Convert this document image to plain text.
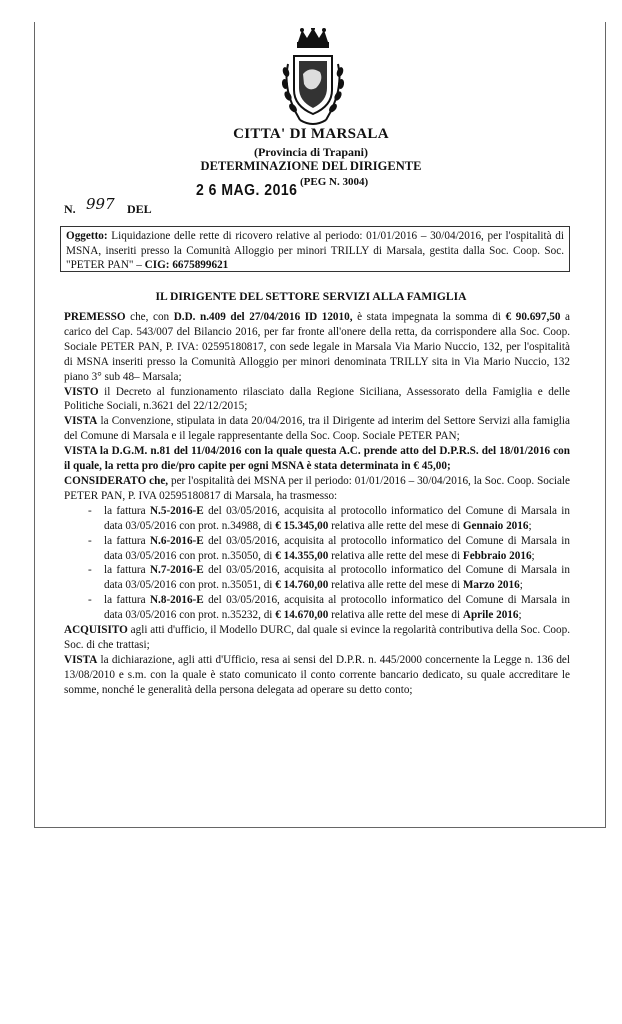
CITTA' DI MARSALA
(Provincia di Trapani)
DETERMINAZIONE DEL DIRIGENTE
(PEG N. 3004)
2 6 MAG. 2016
N. 997 DEL
Oggetto: Liquidazione delle rette di ricovero relative al periodo: 01/01/2016 – 30/04/2016, per l'ospitalità di MSNA, inseriti presso la Comunità Alloggio per minori TRILLY di Marsala, gestita dalla Soc. Coop. Soc. "PETER PAN" – CIG: 6675899621
IL DIRIGENTE DEL SETTORE SERVIZI ALLA FAMIGLIA

PREMESSO che, con D.D. n.409 del 27/04/2016 ID 12010, è stata impegnata la somma di € 90.697,50 a carico del Cap. 543/007 del Bilancio 2016, per far fronte all'onere della retta, da corrispondere alla Soc. Coop. Sociale PETER PAN, P. IVA: 02595180817, con sede legale in Marsala Via Mario Nuccio, 132, per l'ospitalità di MSNA inseriti presso la Comunità Alloggio per minori denominata TRILLY sita in Via Mario Nuccio, 132 piano 3° sub 48– Marsala;

VISTO il Decreto al funzionamento rilasciato dalla Regione Siciliana, Assessorato della Famiglia e delle Politiche Sociali, n.3621 del 22/12/2015;

VISTA la Convenzione, stipulata in data 20/04/2016, tra il Dirigente ad interim del Settore Servizi alla famiglia del Comune di Marsala e il legale rappresentante della Soc. Coop. Sociale PETER PAN;

VISTA la D.G.M. n.81 del 11/04/2016 con la quale questa A.C. prende atto del D.P.R.S. del 18/01/2016 con il quale, la retta pro die/pro capite per ogni MSNA è stata determinata in € 45,00;

CONSIDERATO che, per l'ospitalità dei MSNA per il periodo: 01/01/2016 – 30/04/2016, la Soc. Coop. Sociale PETER PAN, P. IVA 02595180817 di Marsala, ha trasmesso:

- la fattura N.5-2016-E del 03/05/2016, acquisita al protocollo informatico del Comune di Marsala in data 03/05/2016 con prot. n.34988, di € 15.345,00 relativa alle rette del mese di Gennaio 2016;
- la fattura N.6-2016-E del 03/05/2016, acquisita al protocollo informatico del Comune di Marsala in data 03/05/2016 con prot. n.35050, di € 14.355,00 relativa alle rette del mese di Febbraio 2016;
- la fattura N.7-2016-E del 03/05/2016, acquisita al protocollo informatico del Comune di Marsala in data 03/05/2016 con prot. n.35051, di € 14.760,00 relativa alle rette del mese di Marzo 2016;
- la fattura N.8-2016-E del 03/05/2016, acquisita al protocollo informatico del Comune di Marsala in data 03/05/2016 con prot. n.35232, di € 14.670,00 relativa alle rette del mese di Aprile 2016;

ACQUISITO agli atti d'ufficio, il Modello DURC, dal quale si evince la regolarità contributiva della Soc. Coop. Soc. di che trattasi;

VISTA la dichiarazione, agli atti d'Ufficio, resa ai sensi del D.P.R. n. 445/2000 concernente la Legge n. 136 del 13/08/2010 e s.m. con la quale è stato comunicato il conto corrente bancario dedicato, su quale accreditare le somme, nonché le generalità della persona delegata ad operare su detto conto;
